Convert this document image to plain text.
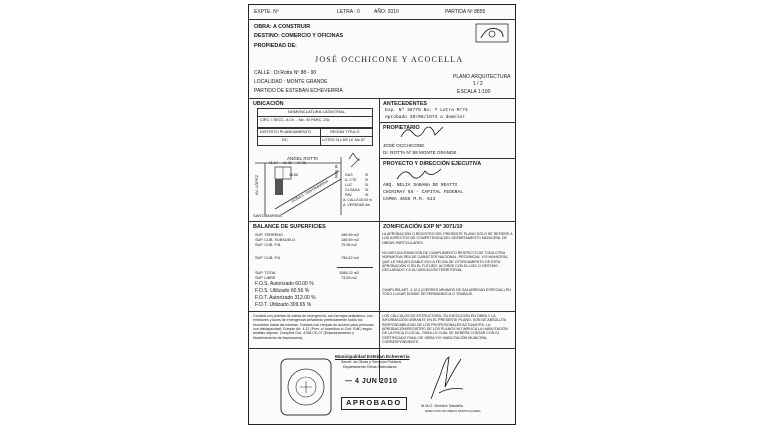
EXPTE. Nº	LETRA : 0	AÑO: 2010	PARTIDA Nº 8855
OBRA: A CONSTRUIR
DESTINO: COMERCIO Y OFICINAS
PROPIEDAD DE:
JOSÉ OCCHICONE Y ACOCELLA
CALLE : Dr.Rotta Nº 88 - 90
LOCALIDAD : MONTE GRANDE
PARTIDO DE ESTEBAN ECHEVERRÍA
PLANO ARQUITECTURA
1 / 2
ESCALA 1:100
UBICACIÓN
NOMENCLATURA CATASTRAL
CIRC. I SECC. A Ch. - Mz. 40 PARC. 23c
DISTRITO PLANEAMIENTO	SEGÚN TITULO
RC	LOTES 21c DE LE Mz.57
ÁNGEL ROTTA
AV. LÓPEZ	DOÑA S. SANTAMARINA
SANTAMARINA
M. NEW
11.17 11.36 97.06
16.86	GAS	SI
A. CTE. SI
LUZ	SI
CLOACA SI
PAV.	SI
A. CALLE: 15.00 m
A. VEREDA:
2.4m
BALANCE DE SUPERFICIES
SUP. TERRENO	186.59 m2
SUP. CUB. SUBSUELO	186.59 m2
SUP. CUB. P.B.	75.98 m2
SUP. CUB. P.A.	796.62 m2
SUP. TOTAL	1066.22 m2
SUP. LIBRE	73.59 m2
F.O.S. Autorizado 60.00 %
F.O.S. Utilizado 60.56 %
F.O.T. Autorizado 312.00 %
F.O.T. Utilizado 309.65 %
Contará con puertas de salida de emergencia, con herrajes antipánico, con extintores y luces de emergencia señalando perfectamente todos los recorridos hasta las mismas. Contará con rampas de acceso para personas con discapacidad. Cumple Art. 4.12 (Prev. c/ incendios s/ Cód. Edif.) según análisis adjunto. Cumplirá Ord. 4758-CE-07 (Estacionamiento y Mantenimiento de Ascensores).
ANTECEDENTES
Exp. Nº 38775 No: T Letra M/74
Aprobado 30/06/1974 a demoler
PROPIETARIO
JOSÉ OCCHICONE
Dr. ROTTA Nº 88 MONTE GRANDE
PROYECTO Y DIRECCIÓN EJECUTIVA
ARQ. NELIA SABANA DE REATTI
CHIRIMAY 65 - CAPITAL FEDERAL
CAPBA 4655 M.M. 613
ZONIFICACIÓN EXP Nº 3071/10
LA APROBACIÓN O REGISTRO DEL PRESENTE PLANO SÓLO SE REFIERE A LOS ASPECTOS DE COMPETENCIA DEL DEPARTAMENTO MUNICIPAL DE OBRAS PARTICULARES.
NO IMPLICA EXIMICIÓN DE CUMPLIMIENTO RESPECTO DE TODA OTRA NORMATIVA SEA DE CARÁCTER NACIONAL, PROVINCIAL Y/O MUNICIPAL, QUE LE SEA APLICABLE EN LA FECHA DE OTORGAMIENTO DE ESTA APROBACIÓN O EN EL FUTURO, ACORDE CON EL USO O DESTINO DECLARADO Y A SU UBICACIÓN TERRITORIAL.
CUMPLIRÁ ART. 4.12.3 (CIERRES MÍNIMOS DE SALUBRIDAD ESPECIAL) EN TODO LUGAR DONDE SE PERMANEZCA O TRABAJE.
LOS CÁLCULOS DE ESTRUCTURA, SU EJECUCIÓN EN OBRA Y LA INFORMACIÓN OBRANTE EN EL PRESENTE PLANO, SON DE ABSOLUTA RESPONSABILIDAD DE LOS PROFESIONALES ACTUANTES. LA APROBACIÓN/REGISTRO DE LOS PLANOS NO IMPLICA LA HABILITACIÓN DE LA FINCA O LOCAL, PARA LO CUAL SE DEBERÁ CONTAR CON EL CERTIFICADO FINAL DE OBRA Y/O HABILITACIÓN MUNICIPAL CORRESPONDIENTE.
Municipalidad Esteban Echeverría
Secret. de Obras y Servicios Públicos
Departamento Obras Particulares
— 4 JUN 2010
APROBADO	M.M.O. Director Saldaña
DIRECTOR DE OBRAS PARTICULARES
